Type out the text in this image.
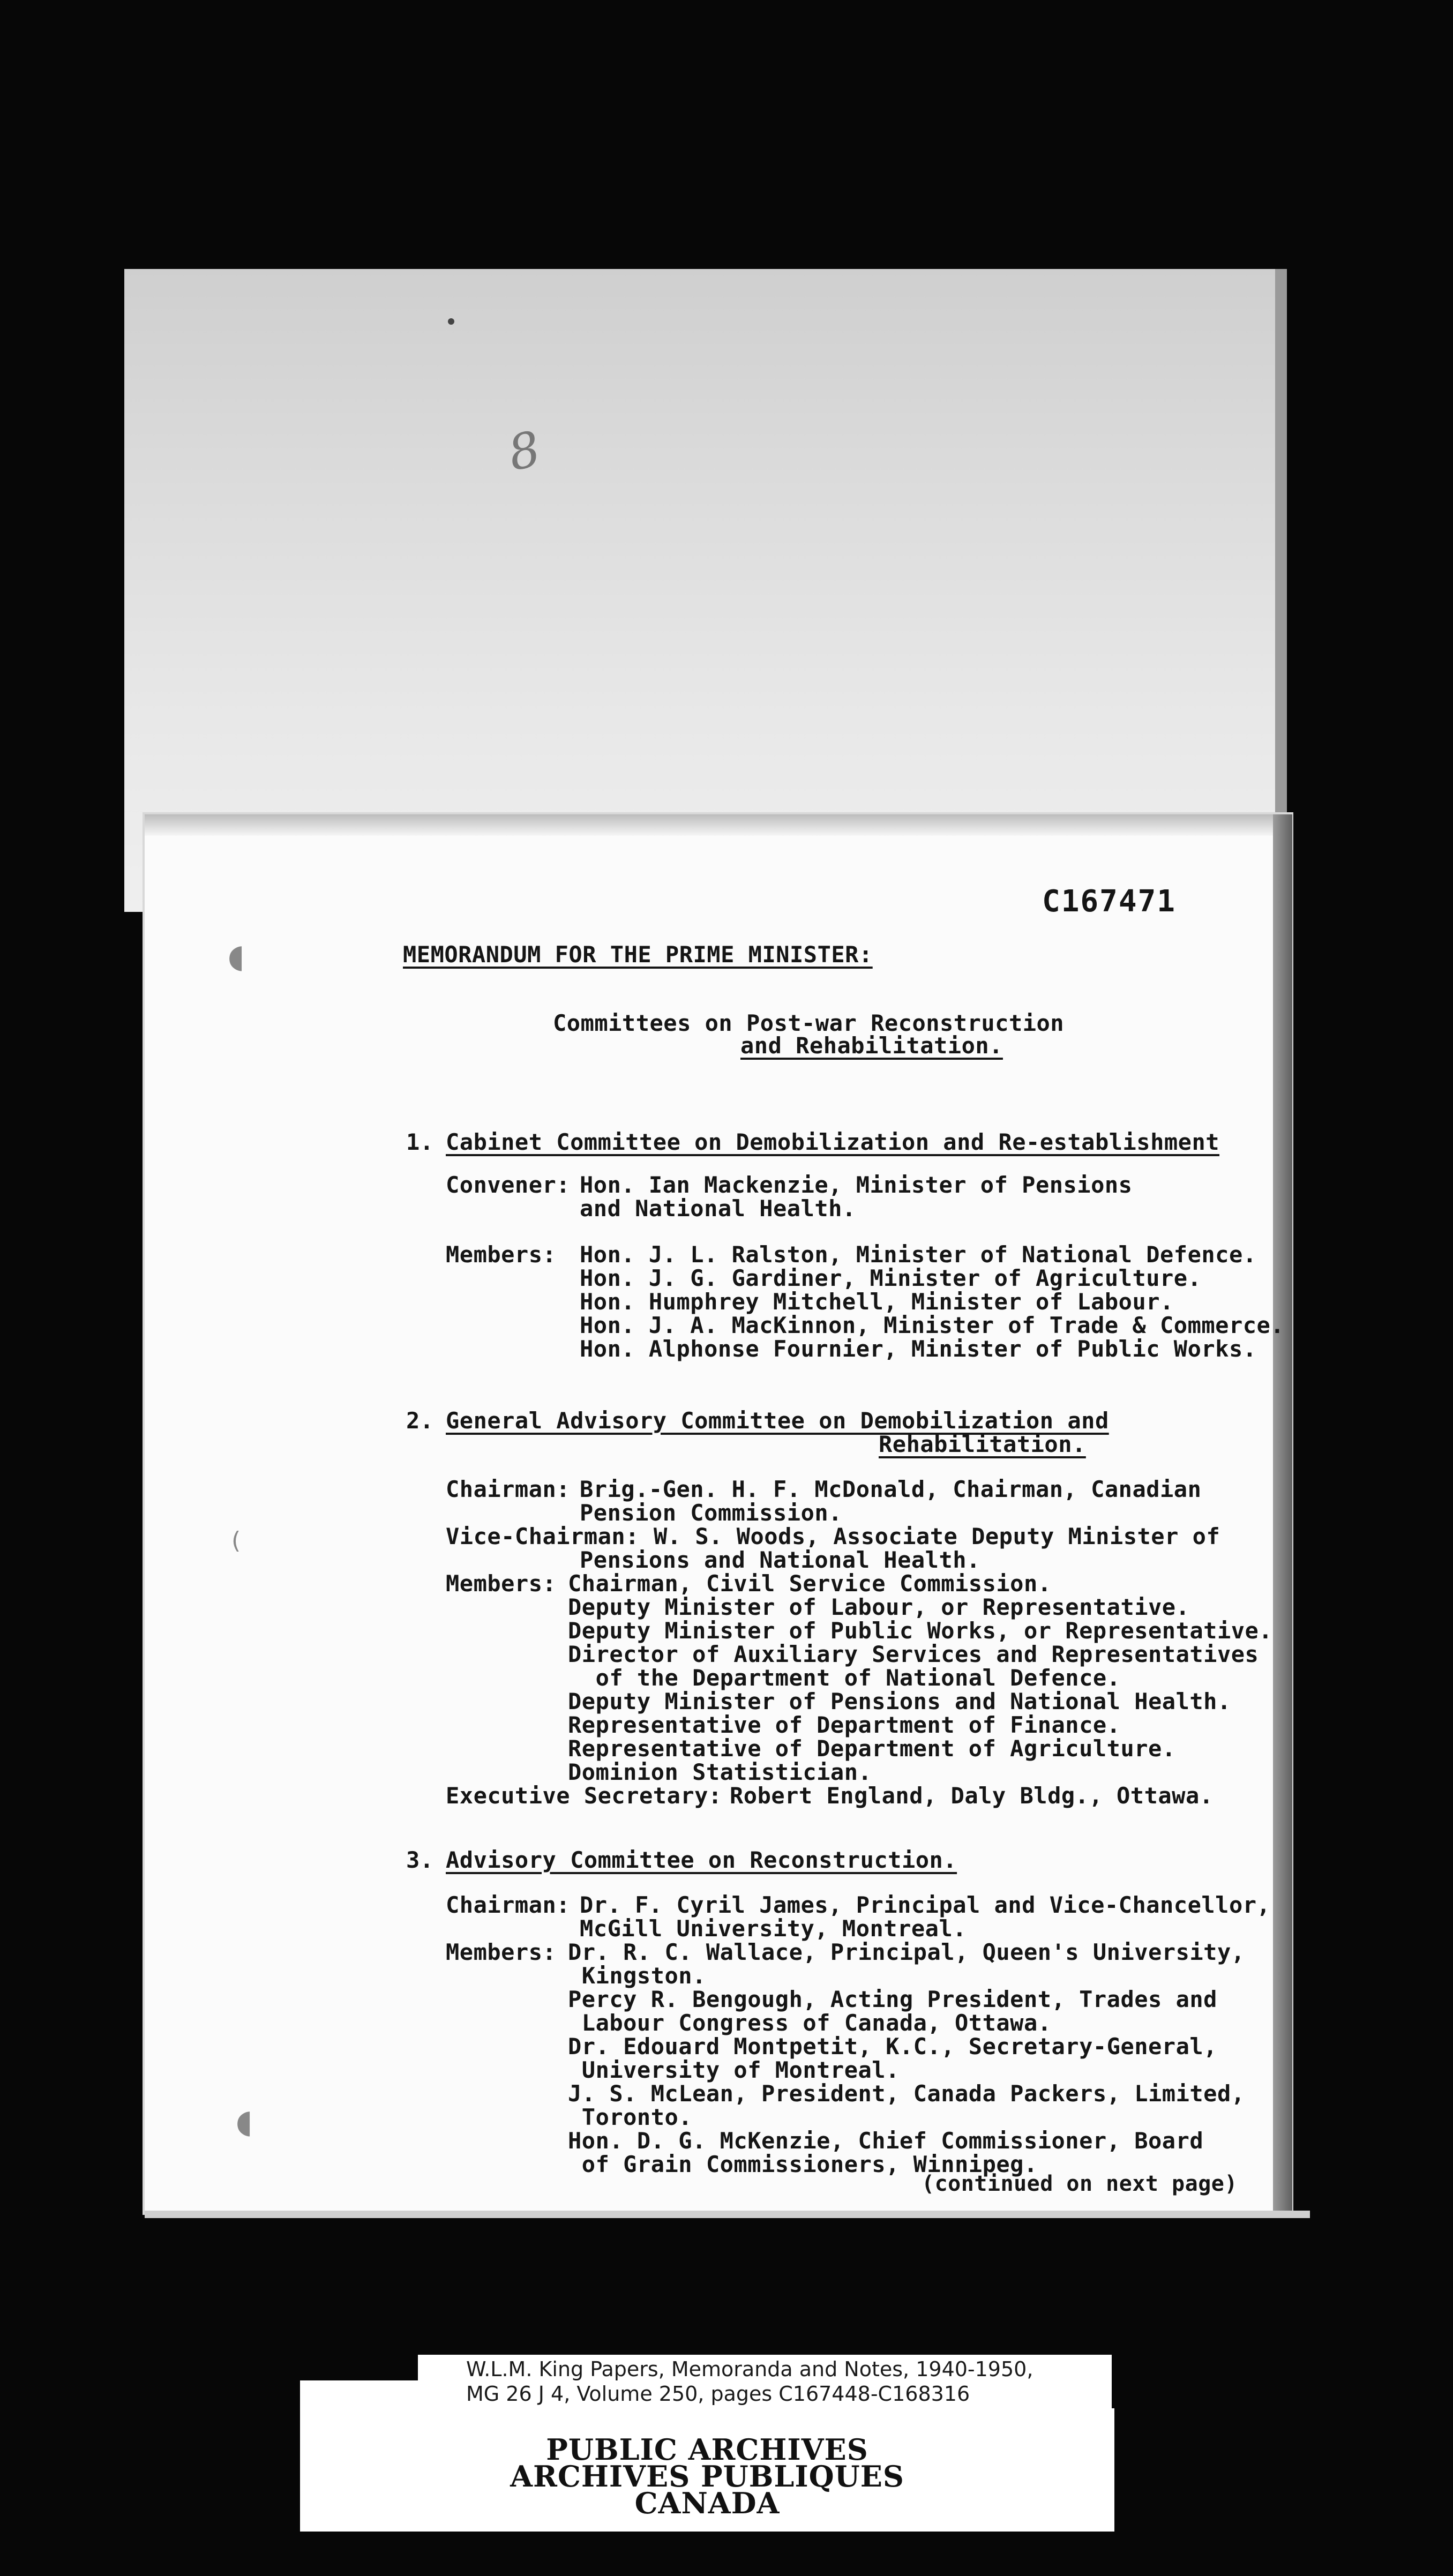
8
◖
(
◖
C167471
MEMORANDUM FOR THE PRIME MINISTER:
Committees on Post-war Reconstruction
and Rehabilitation.
1. Cabinet Committee on Demobilization and Re-establishment
Convener: Hon. Ian Mackenzie, Minister of Pensions
and National Health.
Members: Hon. J. L. Ralston, Minister of National Defence.
Hon. J. G. Gardiner, Minister of Agriculture.
Hon. Humphrey Mitchell, Minister of Labour.
Hon. J. A. MacKinnon, Minister of Trade & Commerce.
Hon. Alphonse Fournier, Minister of Public Works.
2. General Advisory Committee on Demobilization and
Rehabilitation.
Chairman: Brig.-Gen. H. F. McDonald, Chairman, Canadian
Pension Commission.
Vice-Chairman: W. S. Woods, Associate Deputy Minister of
Pensions and National Health.
Members: Chairman, Civil Service Commission.
Deputy Minister of Labour, or Representative.
Deputy Minister of Public Works, or Representative.
Director of Auxiliary Services and Representatives
of the Department of National Defence.
Deputy Minister of Pensions and National Health.
Representative of Department of Finance.
Representative of Department of Agriculture.
Dominion Statistician.
Executive Secretary: Robert England, Daly Bldg., Ottawa.
3. Advisory Committee on Reconstruction.
Chairman: Dr. F. Cyril James, Principal and Vice-Chancellor,
McGill University, Montreal.
Members: Dr. R. C. Wallace, Principal, Queen's University,
Kingston.
Percy R. Bengough, Acting President, Trades and
Labour Congress of Canada, Ottawa.
Dr. Edouard Montpetit, K.C., Secretary-General,
University of Montreal.
J. S. McLean, President, Canada Packers, Limited,
Toronto.
Hon. D. G. McKenzie, Chief Commissioner, Board
of Grain Commissioners, Winnipeg.
(continued on next page)
W.L.M. King Papers, Memoranda and Notes, 1940-1950,
MG 26 J 4, Volume 250, pages C167448-C168316
PUBLIC ARCHIVES
ARCHIVES PUBLIQUES
CANADA
